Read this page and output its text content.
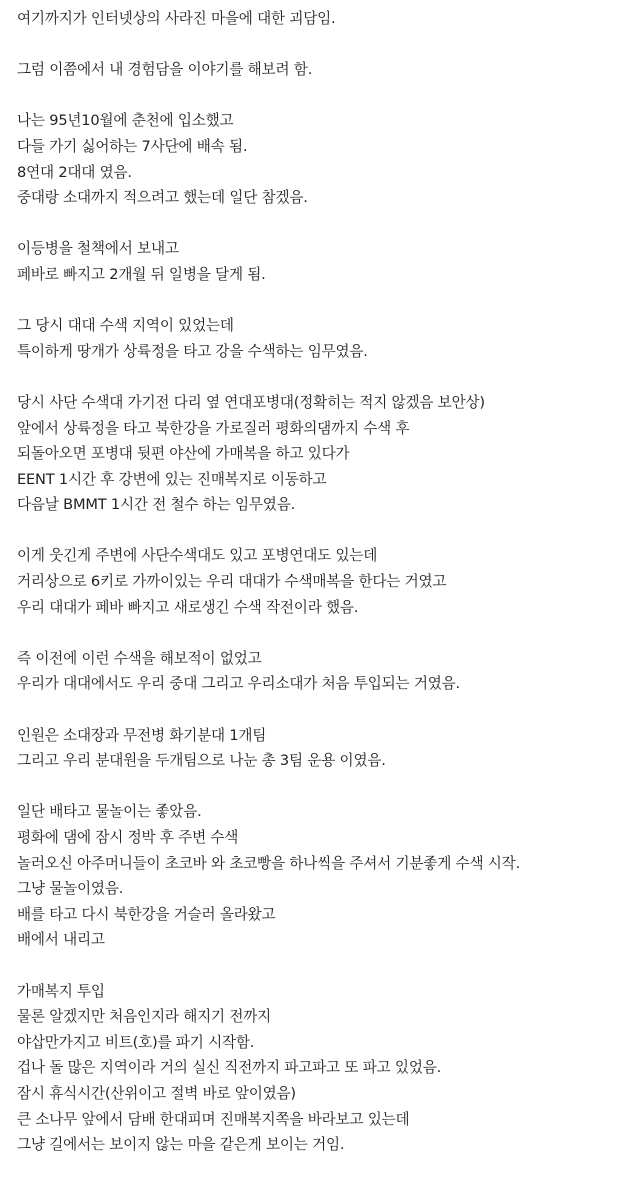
여기까지가 인터넷상의 사라진 마을에 대한 괴담임.
그럼 이쯤에서 내 경험담을 이야기를 해보려 함.
나는 95년10월에 춘천에 입소했고
다들 가기 싫어하는 7사단에 배속 됨.
8연대 2대대 였음.
중대랑 소대까지 적으려고 했는데 일단 참겠음.
이등병을 철책에서 보내고
페바로 빠지고 2개월 뒤 일병을 달게 됨.
그 당시 대대 수색 지역이 있었는데
특이하게 땅개가 상륙정을 타고 강을 수색하는 임무였음.
당시 사단 수색대 가기전 다리 옆 연대포병대(정확히는 적지 않겠음 보안상)
앞에서 상륙정을 타고 북한강을 가로질러 평화의댐까지 수색 후
되돌아오면 포병대 뒷편 야산에 가매복을 하고 있다가
EENT 1시간 후 강변에 있는 진매복지로 이동하고
다음날 BMMT 1시간 전 철수 하는 임무였음.
이게 웃긴게 주변에 사단수색대도 있고 포병연대도 있는데
거리상으로 6키로 가까이있는 우리 대대가 수색매복을 한다는 거였고
우리 대대가 페바 빠지고 새로생긴 수색 작전이라 했음.
즉 이전에 이런 수색을 해보적이 없었고
우리가 대대에서도 우리 중대 그리고 우리소대가 처음 투입되는 거였음.
인원은 소대장과 무전병 화기분대 1개팀
그리고 우리 분대원을 두개팀으로 나눈 총 3팀 운용 이였음.
일단 배타고 물놀이는 좋았음.
평화에 댐에 잠시 정박 후 주변 수색
놀러오신 아주머니들이 초코바 와 초코빵을 하나씩을 주셔서 기분좋게 수색 시작.
그냥 물놀이였음.
배를 타고 다시 북한강을 거슬러 올라왔고
배에서 내리고
가매복지 투입
물론 알겠지만 처음인지라 해지기 전까지
야삽만가지고 비트(호)를 파기 시작함.
겁나 돌 많은 지역이라 거의 실신 직전까지 파고파고 또 파고 있었음.
잠시 휴식시간(산위이고 절벽 바로 앞이였음)
큰 소나무 앞에서 담배 한대피며 진매복지쪽을 바라보고 있는데
그냥 길에서는 보이지 않는 마을 같은게 보이는 거임.
